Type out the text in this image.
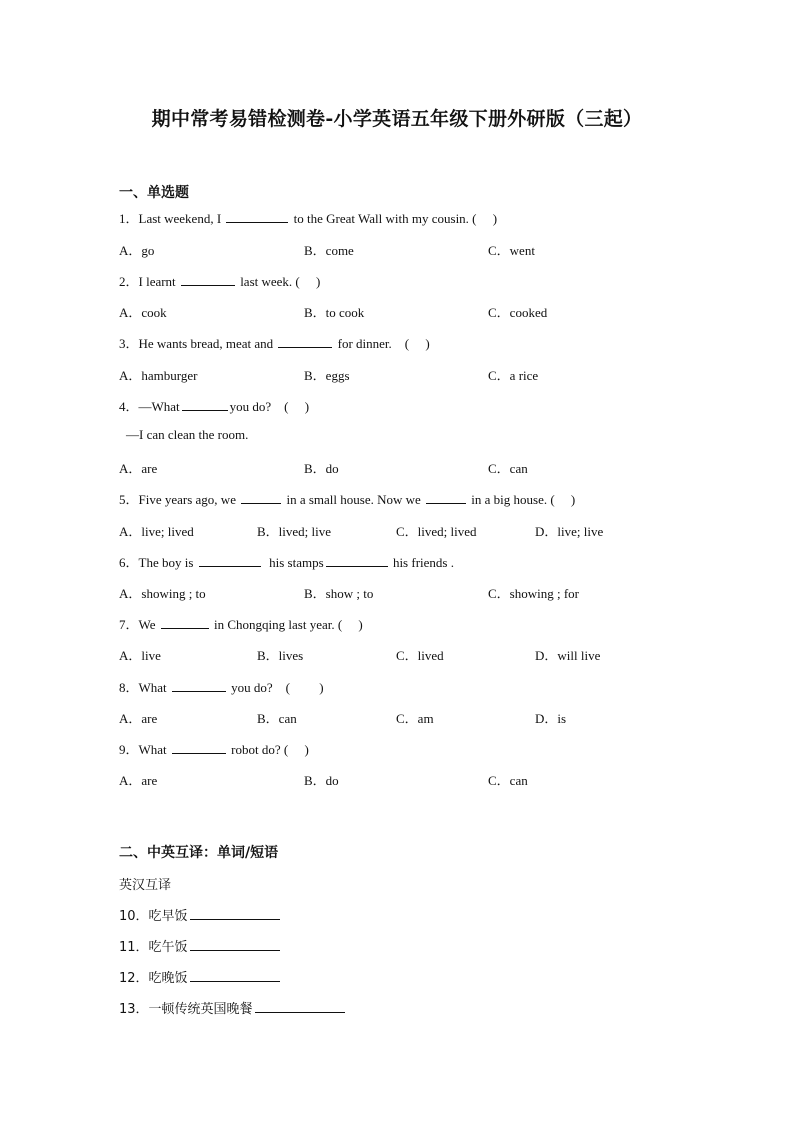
期中常考易错检测卷-小学英语五年级下册外研版（三起）
一、单选题
1．Last weekend, I	to the Great Wall with my cousin. (　 )
A．go	B．come	C．went
2．I learnt	last week. (　 )
A．cook	B．to cook	C．cooked
3．He wants bread, meat and	for dinner.　(　 )
A．hamburger	B．eggs	C．a rice
4．—What	you do?　(　 )
—I can clean the room.
A．are	B．do	C．can
5．Five years ago, we	in a small house. Now we	in a big house. (　 )
A．live; lived	B．lived; live	C．lived; lived	D．live; live
6．The boy is	his stamps	his friends .
A．showing ; to	B．show ; to	C．showing ; for
7．We	in Chongqing last year. (　 )
A．live	B．lives	C．lived	D．will live
8．What	you do?　(　　 )
A．are	B．can	C．am	D．is
9．What	robot do? (　 )
A．are	B．do	C．can
二、中英互译：单词/短语
英汉互译
10．吃早饭
11．吃午饭
12．吃晚饭
13．一顿传统英国晚餐
